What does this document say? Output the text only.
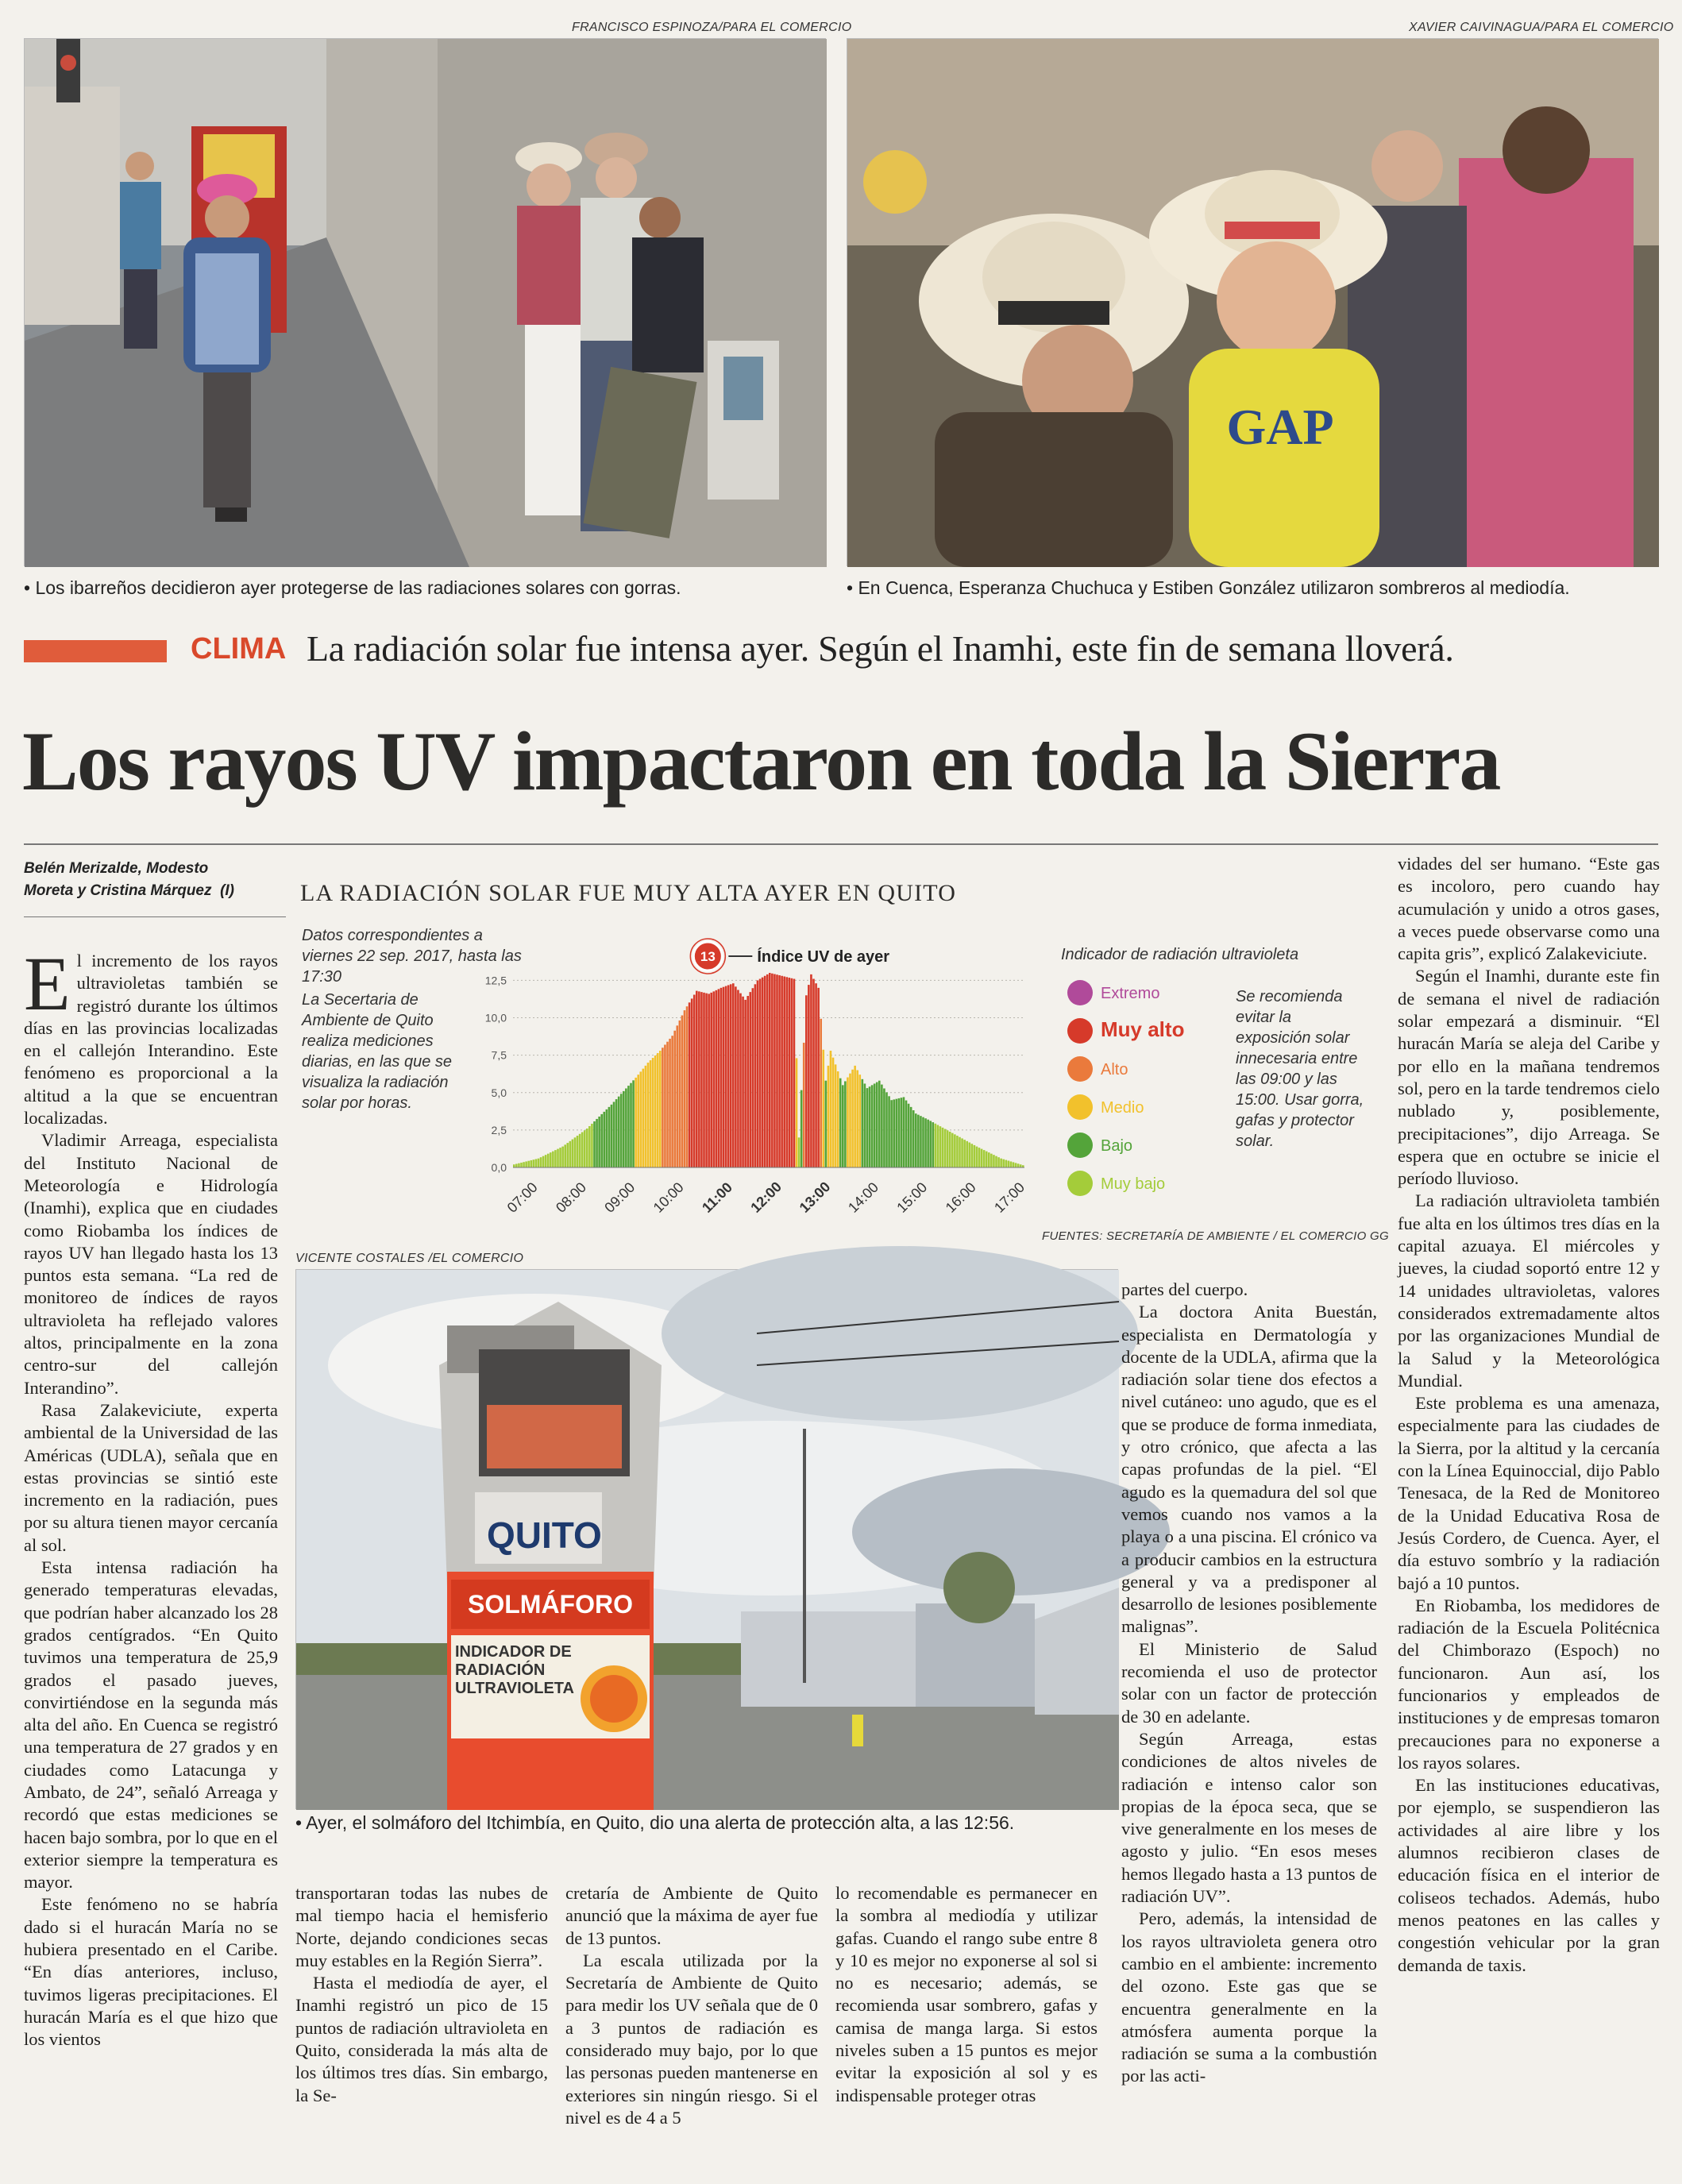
FRANCISCO ESPINOZA/PARA EL COMERCIO
• Los ibarreños decidieron ayer protegerse de las radiaciones solares con gorras.
XAVIER CAIVINAGUA/PARA EL COMERCIO
GAP
• En Cuenca, Esperanza Chuchuca y Estiben González utilizaron sombreros al mediodía.
CLIMA La radiación solar fue intensa ayer. Según el Inamhi, este fin de semana lloverá.
Los rayos UV impactaron en toda la Sierra
Belén Merizalde, Modesto
Moreta y Cristina Márquez (I)

El incremento de los rayos ultravioletas también se registró durante los últimos días en las provincias localizadas en el callejón Interandino. Este fenómeno es proporcional a la altitud a la que se encuentran localizadas.

Vladimir Arreaga, especialista del Instituto Nacional de Meteorología e Hidrología (Inamhi), explica que en ciudades como Riobamba los índices de rayos UV han llegado hasta los 13 puntos esta semana. “La red de monitoreo de índices de rayos ultravioleta ha reflejado valores altos, principalmente en la zona centro-sur del callejón Interandino”.

Rasa Zalakeviciute, experta ambiental de la Universidad de las Américas (UDLA), señala que en estas provincias se sintió este incremento en la radiación, pues por su altura tienen mayor cercanía al sol.

Esta intensa radiación ha generado temperaturas elevadas, que podrían haber alcanzado los 28 grados centígrados. “En Quito tuvimos una temperatura de 25,9 grados el pasado jueves, convirtiéndose en la segunda más alta del año. En Cuenca se registró una temperatura de 27 grados y en ciudades como Latacunga y Ambato, de 24”, señaló Arreaga y recordó que estas mediciones se hacen bajo sombra, por lo que en el exterior siempre la temperatura es mayor.

Este fenómeno no se habría dado si el huracán María no se hubiera presentado en el Caribe. “En días anteriores, incluso, tuvimos ligeras precipitaciones. El huracán María es el que hizo que los vientos

LA RADIACIÓN SOLAR FUE MUY ALTA AYER EN QUITO
Datos correspondientes a viernes 22 sep. 2017, hasta las 17:30
La Secertaria de Ambiente de Quito realiza mediciones diarias, en las que se visualiza la radiación solar por horas.
Se recomienda evitar la exposición solar innecesaria entre las 09:00 y las 15:00. Usar gorra, gafas y protector solar.
FUENTES: SECRETARÍA DE AMBIENTE / EL COMERCIO GG
0,0
2,5
5,0
7,5
10,0
12,5
07:00 08:00 09:00 10:00 11:00 12:00 13:00 14:00 15:00 16:00 17:00
13	Índice UV de ayer	Indicador de radiación ultravioleta
Extremo
Muy alto
Alto
Medio
Bajo
Muy bajo
VICENTE COSTALES /EL COMERCIO
QUITO
SOLMÁFORO
INDICADOR DE RADIACIÓN ULTRAVIOLETA
• Ayer, el solmáforo del Itchimbía, en Quito, dio una alerta de protección alta, a las 12:56.

transportaran todas las nubes de mal tiempo hacia el hemisferio Norte, dejando condiciones secas muy estables en la Región Sierra”.

Hasta el mediodía de ayer, el Inamhi registró un pico de 15 puntos de radiación ultravioleta en Quito, considerada la más alta de los últimos tres días. Sin embargo, la Se-

cretaría de Ambiente de Quito anunció que la máxima de ayer fue de 13 puntos.

La escala utilizada por la Secretaría de Ambiente de Quito para medir los UV señala que de 0 a 3 puntos de radiación es considerado muy bajo, por lo que las personas pueden mantenerse en exteriores sin ningún riesgo. Si el nivel es de 4 a 5

lo recomendable es permanecer en la sombra al mediodía y utilizar gafas. Cuando el rango sube entre 8 y 10 es mejor no exponerse al sol si no es necesario; además, se recomienda usar sombrero, gafas y camisa de manga larga. Si estos niveles suben a 15 puntos es mejor evitar la exposición al sol y es indispensable proteger otras

partes del cuerpo.

La doctora Anita Buestán, especialista en Dermatología y docente de la UDLA, afirma que la radiación solar tiene dos efectos a nivel cutáneo: uno agudo, que es el que se produce de forma inmediata, y otro crónico, que afecta a las capas profundas de la piel. “El agudo es la quemadura del sol que vemos cuando nos vamos a la playa o a una piscina. El crónico va a producir cambios en la estructura general y va a predisponer al desarrollo de lesiones posiblemente malignas”.

El Ministerio de Salud recomienda el uso de protector solar con un factor de protección de 30 en adelante.

Según Arreaga, estas condiciones de altos niveles de radiación e intenso calor son propias de la época seca, que se vive generalmente en los meses de agosto y julio. “En esos meses hemos llegado hasta a 13 puntos de radiación UV”.

Pero, además, la intensidad de los rayos ultravioleta genera otro cambio en el ambiente: incremento del ozono. Este gas que se encuentra generalmente en la atmósfera aumenta porque la radiación se suma a la combustión por las acti-

vidades del ser humano. “Este gas es incoloro, pero cuando hay acumulación y unido a otros gases, a veces puede observarse como una capita gris”, explicó Zalakeviciute.

Según el Inamhi, durante este fin de semana el nivel de radiación solar empezará a disminuir. “El huracán María se aleja del Caribe y por ello en la mañana tendremos sol, pero en la tarde tendremos cielo nublado y, posiblemente, precipitaciones”, dijo Arreaga. Se espera que en octubre se inicie el período lluvioso.

La radiación ultravioleta también fue alta en los últimos tres días en la capital azuaya. El miércoles y jueves, la ciudad soportó entre 12 y 14 unidades ultravioletas, valores considerados extremadamente altos por las organizaciones Mundial de la Salud y la Meteorológica Mundial.

Este problema es una amenaza, especialmente para las ciudades de la Sierra, por la altitud y la cercanía con la Línea Equinoccial, dijo Pablo Tenesaca, de la Red de Monitoreo de la Unidad Educativa Rosa de Jesús Cordero, de Cuenca. Ayer, el día estuvo sombrío y la radiación bajó a 10 puntos.

En Riobamba, los medidores de radiación de la Escuela Politécnica del Chimborazo (Espoch) no funcionaron. Aun así, los funcionarios y empleados de instituciones y de empresas tomaron precauciones para no exponerse a los rayos solares.

En las instituciones educativas, por ejemplo, se suspendieron las actividades al aire libre y los alumnos recibieron clases de educación física en el interior de coliseos techados. Además, hubo menos peatones en las calles y congestión vehicular por la gran demanda de taxis.
